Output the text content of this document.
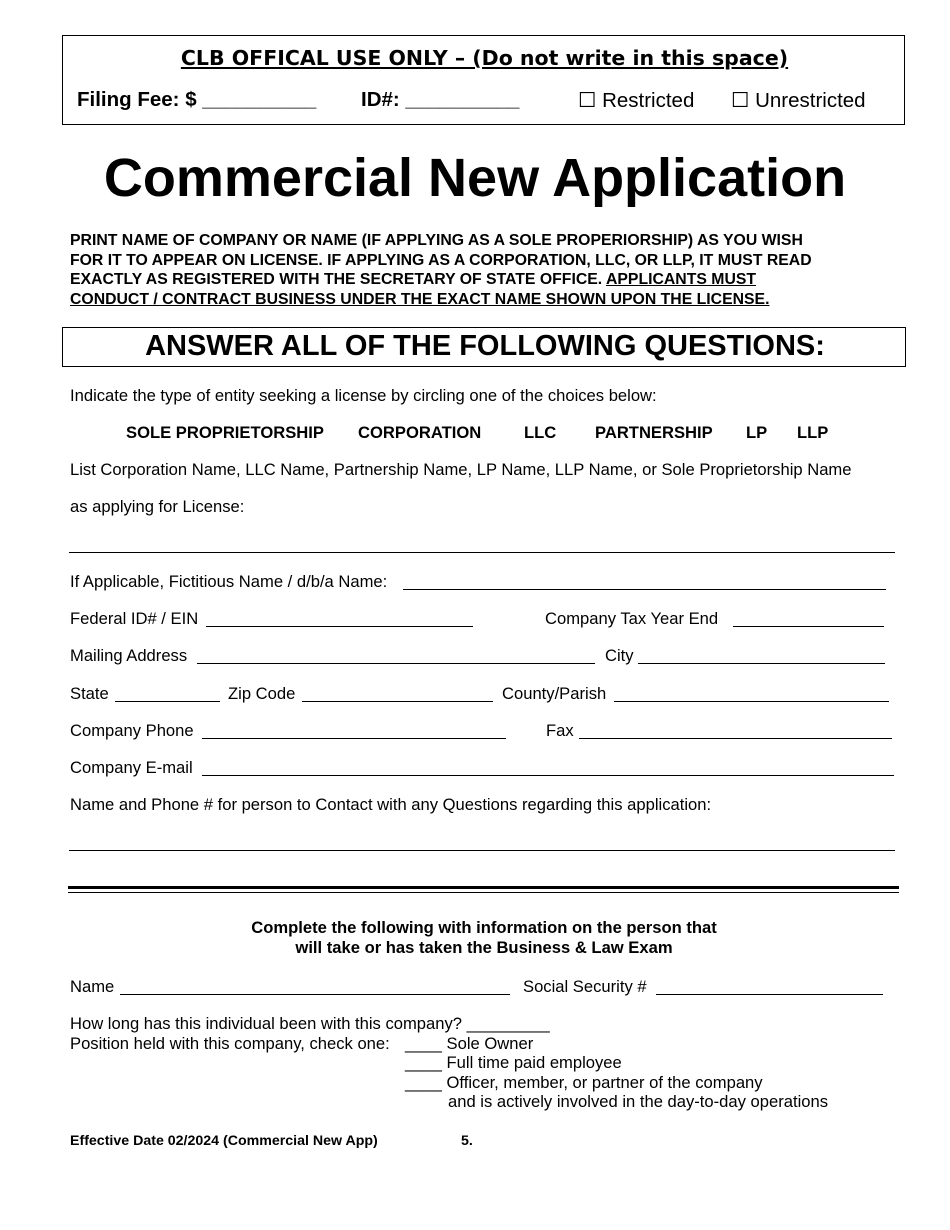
CLB OFFICAL USE ONLY – (Do not write in this space)
Filing Fee: $ __________ ID#: __________	☐ Restricted ☐ Unrestricted
Commercial New Application
PRINT NAME OF COMPANY OR NAME (IF APPLYING AS A SOLE PROPERIORSHIP) AS YOU WISH
FOR IT TO APPEAR ON LICENSE. IF APPLYING AS A CORPORATION, LLC, OR LLP, IT MUST READ
EXACTLY AS REGISTERED WITH THE SECRETARY OF STATE OFFICE. APPLICANTS MUST
CONDUCT / CONTRACT BUSINESS UNDER THE EXACT NAME SHOWN UPON THE LICENSE.
ANSWER ALL OF THE FOLLOWING QUESTIONS:
Indicate the type of entity seeking a license by circling one of the choices below:
SOLE PROPRIETORSHIP CORPORATION	LLC PARTNERSHIP LP LLP
List Corporation Name, LLC Name, Partnership Name, LP Name, LLP Name, or Sole Proprietorship Name
as applying for License:
If Applicable, Fictitious Name / d/b/a Name:
Federal ID# / EIN	Company Tax Year End
Mailing Address	City
State	Zip Code	County/Parish
Company Phone	Fax
Company E-mail
Name and Phone # for person to Contact with any Questions regarding this application:
Complete the following with information on the person that
will take or has taken the Business & Law Exam
Name	Social Security #
How long has this individual been with this company? _________
Position held with this company, check one: ____ Sole Owner
____ Full time paid employee
____ Officer, member, or partner of the company
and is actively involved in the day-to-day operations
Effective Date 02/2024 (Commercial New App)	5.
